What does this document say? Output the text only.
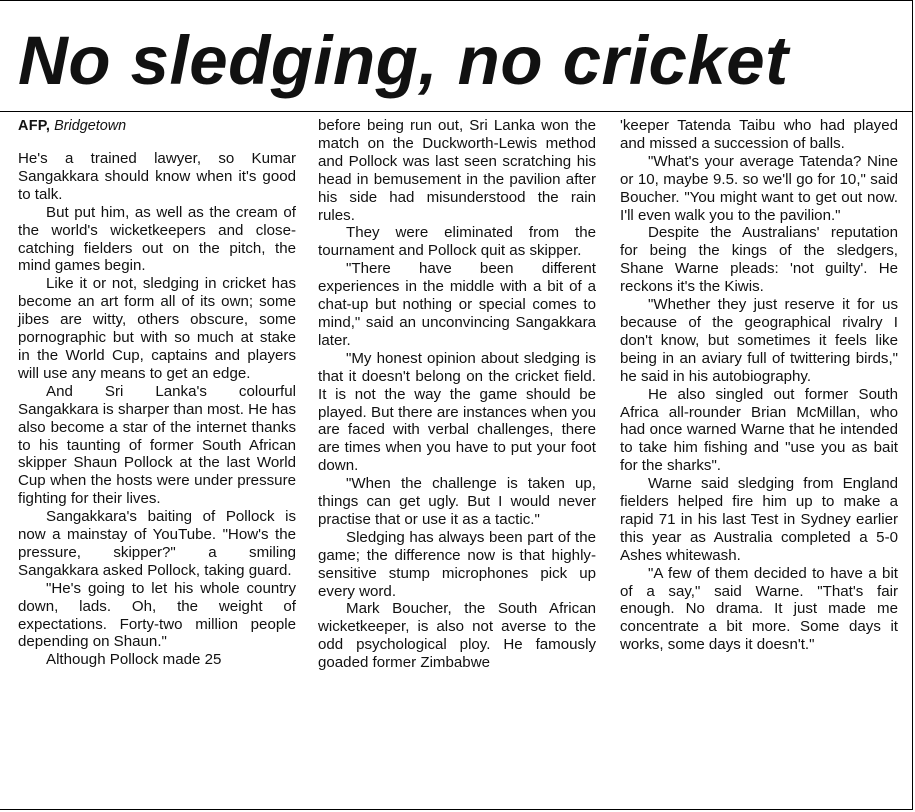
No sledging, no cricket
AFP, Bridgetown

He's a trained lawyer, so Kumar Sangakkara should know when it's good to talk.

But put him, as well as the cream of the world's wicketkeepers and close-catching fielders out on the pitch, the mind games begin.

Like it or not, sledging in cricket has become an art form all of its own; some jibes are witty, others obscure, some pornographic but with so much at stake in the World Cup, captains and players will use any means to get an edge.

And Sri Lanka's colourful Sangakkara is sharper than most. He has also become a star of the internet thanks to his taunting of former South African skipper Shaun Pollock at the last World Cup when the hosts were under pressure fighting for their lives.

Sangakkara's baiting of Pollock is now a mainstay of YouTube. "How's the pressure, skipper?" a smiling Sangakkara asked Pollock, taking guard.

"He's going to let his whole country down, lads. Oh, the weight of expectations. Forty-two million people depending on Shaun."

Although Pollock made 25

before being run out, Sri Lanka won the match on the Duckworth-Lewis method and Pollock was last seen scratching his head in bemusement in the pavilion after his side had misunderstood the rain rules.

They were eliminated from the tournament and Pollock quit as skipper.

"There have been different experiences in the middle with a bit of a chat-up but nothing or special comes to mind," said an unconvincing Sangakkara later.

"My honest opinion about sledging is that it doesn't belong on the cricket field. It is not the way the game should be played. But there are instances when you are faced with verbal challenges, there are times when you have to put your foot down.

"When the challenge is taken up, things can get ugly. But I would never practise that or use it as a tactic."

Sledging has always been part of the game; the difference now is that highly-sensitive stump microphones pick up every word.

Mark Boucher, the South African wicketkeeper, is also not averse to the odd psychological ploy. He famously goaded former Zimbabwe

'keeper Tatenda Taibu who had played and missed a succession of balls.

"What's your average Tatenda? Nine or 10, maybe 9.5. so we'll go for 10," said Boucher. "You might want to get out now. I'll even walk you to the pavilion."

Despite the Australians' reputation for being the kings of the sledgers, Shane Warne pleads: 'not guilty'. He reckons it's the Kiwis.

"Whether they just reserve it for us because of the geographical rivalry I don't know, but sometimes it feels like being in an aviary full of twittering birds," he said in his autobiography.

He also singled out former South Africa all-rounder Brian McMillan, who had once warned Warne that he intended to take him fishing and "use you as bait for the sharks".

Warne said sledging from England fielders helped fire him up to make a rapid 71 in his last Test in Sydney earlier this year as Australia completed a 5-0 Ashes whitewash.

"A few of them decided to have a bit of a say," said Warne. "That's fair enough. No drama. It just made me concentrate a bit more. Some days it works, some days it doesn't."
